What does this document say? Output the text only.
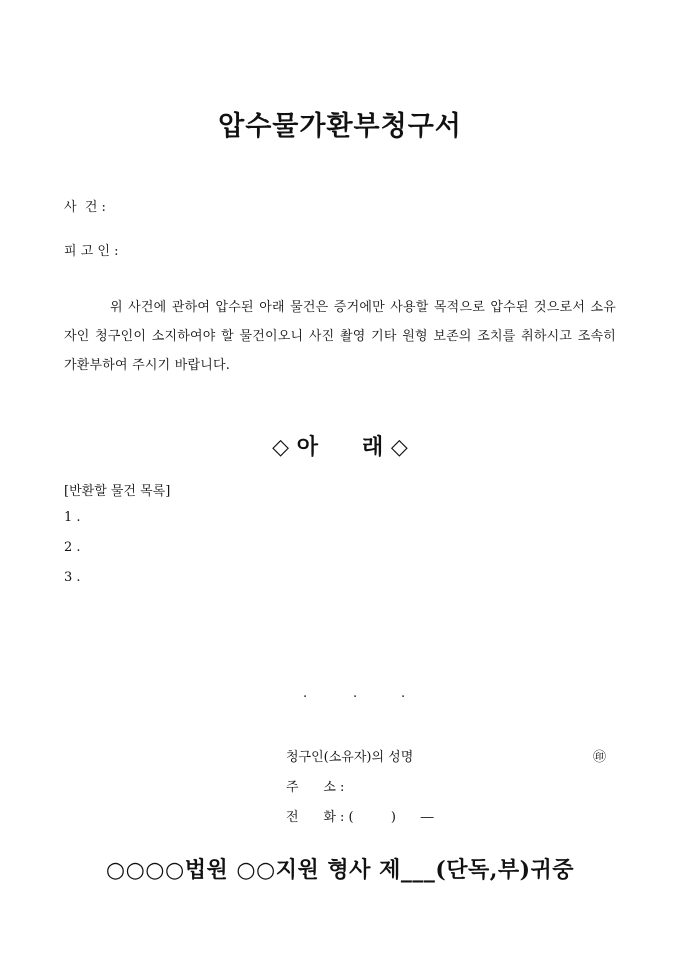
압수물가환부청구서
사  건 :
피 고 인 :
위 사건에 관하여 압수된 아래 물건은 증거에만 사용할 목적으로 압수된 것으로서 소유자인 청구인이 소지하여야 할 물건이오니 사진 촬영 기타 원형 보존의 조치를 취하시고 조속히 가환부하여 주시기 바랍니다.
◇ 아 래 ◇
[반환할 물건 목록]
1 .
2 .
3 .
.	.	.
청구인(소유자)의 성명	㊞
주      소 :
전      화 : (         )      ―
○○○○법원 ○○지원 형사 제___(단독,부)귀중
